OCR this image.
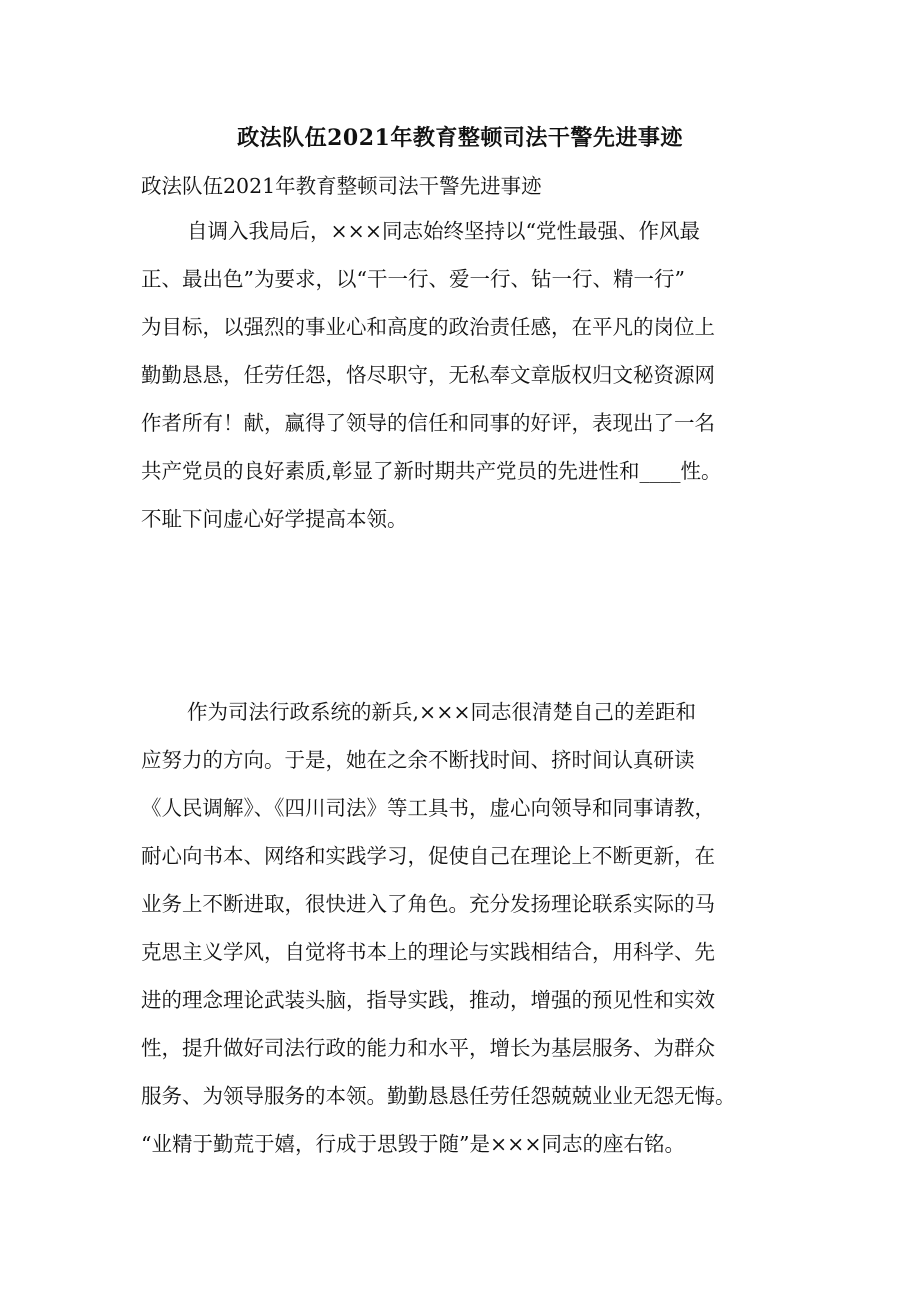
政法队伍2021年教育整顿司法干警先进事迹

政法队伍2021年教育整顿司法干警先进事迹

自调入我局后，×××同志始终坚持以“党性最强、作风最
正、最出色”为要求，以“干一行、爱一行、钻一行、精一行”
为目标，以强烈的事业心和高度的政治责任感，在平凡的岗位上
勤勤恳恳，任劳任怨，恪尽职守，无私奉文章版权归文秘资源网
作者所有！献，赢得了领导的信任和同事的好评，表现出了一名
共产党员的良好素质,彰显了新时期共产党员的先进性和____性。
不耻下问虚心好学提高本领。
作为司法行政系统的新兵,×××同志很清楚自己的差距和
应努力的方向。于是，她在之余不断找时间、挤时间认真研读
《人民调解》、《四川司法》等工具书，虚心向领导和同事请教，
耐心向书本、网络和实践学习，促使自己在理论上不断更新，在
业务上不断进取，很快进入了角色。充分发扬理论联系实际的马
克思主义学风，自觉将书本上的理论与实践相结合，用科学、先
进的理念理论武装头脑，指导实践，推动，增强的预见性和实效
性，提升做好司法行政的能力和水平，增长为基层服务、为群众
服务、为领导服务的本领。勤勤恳恳任劳任怨兢兢业业无怨无悔。
“业精于勤荒于嬉，行成于思毁于随”是×××同志的座右铭。
